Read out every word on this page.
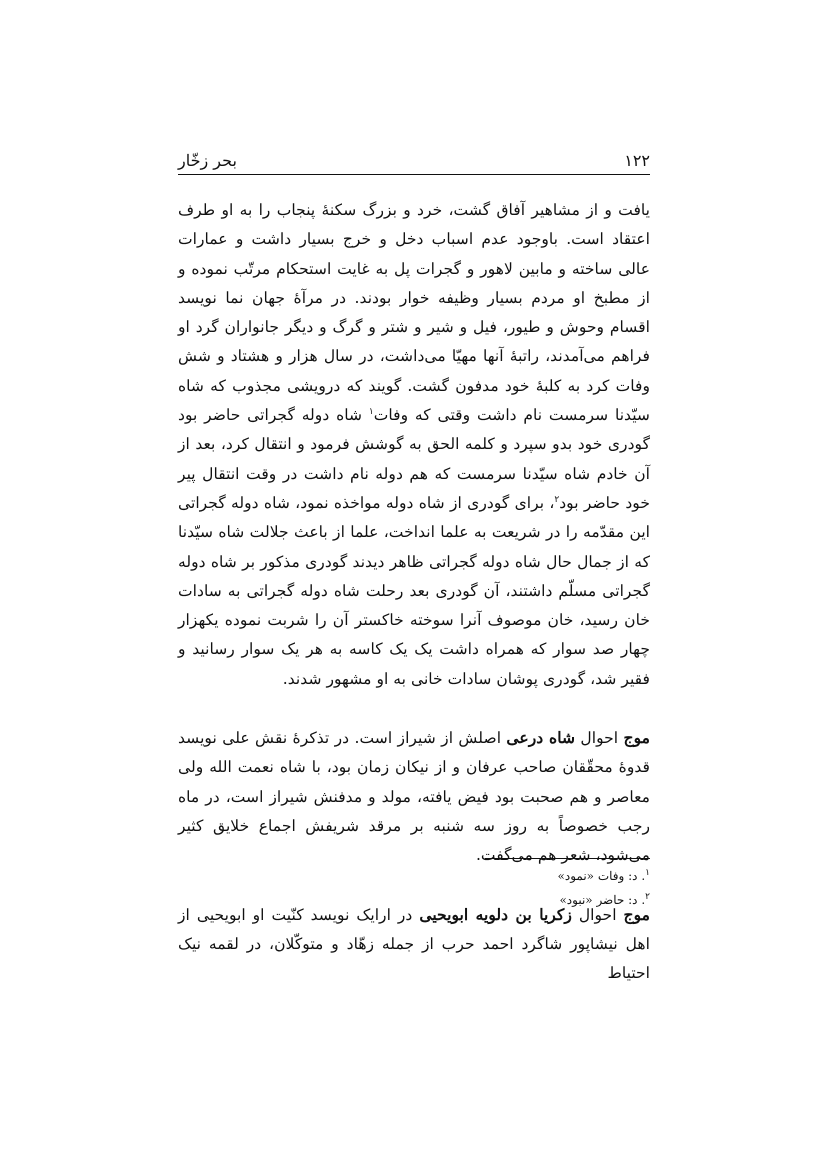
بحر زخّار	۱۲۲

یافت و از مشاهیر آفاق گشت، خرد و بزرگ سکنهٔ پنجاب را به او طرف اعتقاد است. باوجود عدم اسباب دخل و خرج بسیار داشت و عمارات عالی ساخته و مابین لاهور و گجرات پل به غایت استحکام مرتّب نموده و از مطبخ او مردم بسیار وظیفه خوار بودند. در مرآهٔ جهان نما نویسد اقسام وحوش و طیور، فیل و شیر و شتر و گرگ و دیگر جانواران گرد او فراهم می‌آمدند، راتبهٔ آنها مهیّا می‌داشت، در سال هزار و هشتاد و شش وفات کرد به کلبهٔ خود مدفون گشت. گویند که درویشی مجذوب که شاه سیّدنا سرمست نام داشت وقتی که وفات$^۱$ شاه دوله گجراتی حاضر بود گودری خود بدو سپرد و کلمه الحق به گوشش فرمود و انتقال کرد، بعد از آن خادم شاه سیّدنا سرمست که هم دوله نام داشت در وقت انتقال پیر خود حاضر بود$^۲$، برای گودری از شاه دوله مواخذه نمود، شاه دوله گجراتی این مقدّمه را در شریعت به علما انداخت، علما از باعث جلالت شاه سیّدنا که از جمال حال شاه دوله گجراتی ظاهر دیدند گودری مذکور بر شاه دوله گجراتی مسلّم داشتند، آن گودری بعد رحلت شاه دوله گجراتی به سادات خان رسید، خان موصوف آنرا سوخته خاکستر آن را شربت نموده یکهزار چهار صد سوار که همراه داشت یک یک کاسه به هر یک سوار رسانید و فقیر شد، گودری پوشان سادات خانی به او مشهور شدند.

موج احوال شاه درعی اصلش از شیراز است. در تذکرهٔ نقش علی نویسد قدوهٔ محقّقان صاحب عرفان و از نیکان زمان بود، با شاه نعمت الله ولی معاصر و هم صحبت بود فیض یافته، مولد و مدفنش شیراز است، در ماه رجب خصوصاً به روز سه شنبه بر مرقد شریفش اجماع خلایق کثیر می‌شود، شعر هم می‌گفت.

موج احوال زکریا بن دلویه ابویحیی در ارایک نویسد کنّیت او ابویحیی از اهل نیشاپور شاگرد احمد حرب از جمله زهّاد و متوکّلان، در لقمه نیک احتیاط

$^۱$. د: وفات «نمود»
$^۲$. د: حاضر «نبود»
